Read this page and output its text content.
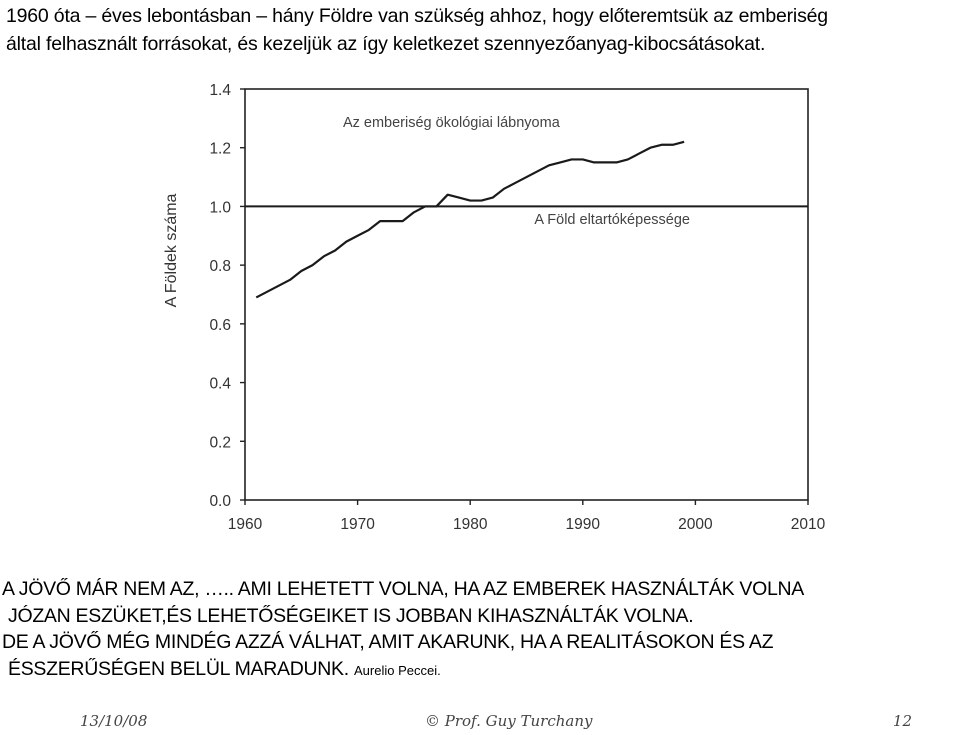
1960 óta – éves lebontásban – hány Földre van szükség ahhoz, hogy előteremtsük az emberiség
által felhasznált forrásokat, és kezeljük az így keletkezet szennyezőanyag-kibocsátásokat.
0.0
0.2
0.4
0.6
0.8
1.0
1.2
1.4
1960	1970	1980	1990	2000	2010
A Földek száma
Az emberiség ökológiai lábnyoma
A Föld eltartóképessége
A JÖVŐ MÁR NEM AZ, ….. AMI LEHETETT VOLNA, HA AZ EMBEREK HASZNÁLTÁK VOLNA
JÓZAN ESZÜKET,ÉS LEHETŐSÉGEIKET IS JOBBAN KIHASZNÁLTÁK VOLNA.
DE A JÖVŐ MÉG MINDÉG AZZÁ VÁLHAT, AMIT AKARUNK, HA A REALITÁSOKON ÉS AZ
ÉSSZERŰSÉGEN BELÜL MARADUNK. Aurelio Peccei.
13/10/08	© Prof. Guy Turchany	12
